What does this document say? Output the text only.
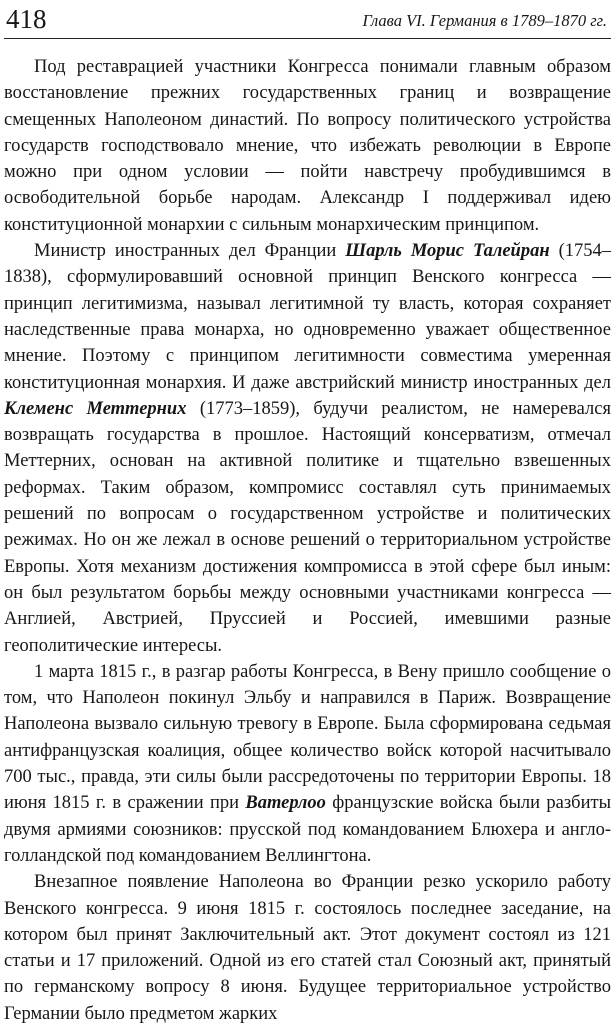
418	Глава VI. Германия в 1789–1870 гг.

Под реставрацией участники Конгресса понимали главным образом восстановление прежних государственных границ и возвращение смещенных Наполеоном династий. По вопросу политического устройства государств господствовало мнение, что избежать революции в Европе можно при одном условии — пойти навстречу пробудившимся в освободительной борьбе народам. Александр I поддерживал идею конституционной монархии с сильным монархическим принципом.

Министр иностранных дел Франции Шарль Морис Талейран (1754–1838), сформулировавший основной принцип Венского конгресса — принцип легитимизма, называл легитимной ту власть, которая сохраняет наследственные права монарха, но одновременно уважает общественное мнение. Поэтому с принципом легитимности совместима умеренная конституционная монархия. И даже австрийский министр иностранных дел Клеменс Меттерних (1773–1859), будучи реалистом, не намеревался возвращать государства в прошлое. Настоящий консерватизм, отмечал Меттерних, основан на активной политике и тщательно взвешенных реформах. Таким образом, компромисс составлял суть принимаемых решений по вопросам о государственном устройстве и политических режимах. Но он же лежал в основе решений о территориальном устройстве Европы. Хотя механизм достижения компромисса в этой сфере был иным: он был результатом борьбы между основными участниками конгресса — Англией, Австрией, Пруссией и Россией, имевшими разные геополитические интересы.

1 марта 1815 г., в разгар работы Конгресса, в Вену пришло сообщение о том, что Наполеон покинул Эльбу и направился в Париж. Возвращение Наполеона вызвало сильную тревогу в Европе. Была сформирована седьмая антифранцузская коалиция, общее количество войск которой насчитывало 700 тыс., правда, эти силы были рассредоточены по территории Европы. 18 июня 1815 г. в сражении при Ватерлоо французские войска были разбиты двумя армиями союзников: прусской под командованием Блюхера и англо-голландской под командованием Веллингтона.

Внезапное появление Наполеона во Франции резко ускорило работу Венского конгресса. 9 июня 1815 г. состоялось последнее заседание, на котором был принят Заключительный акт. Этот документ состоял из 121 статьи и 17 приложений. Одной из его статей стал Союзный акт, принятый по германскому вопросу 8 июня. Будущее территориальное устройство Германии было предметом жарких
